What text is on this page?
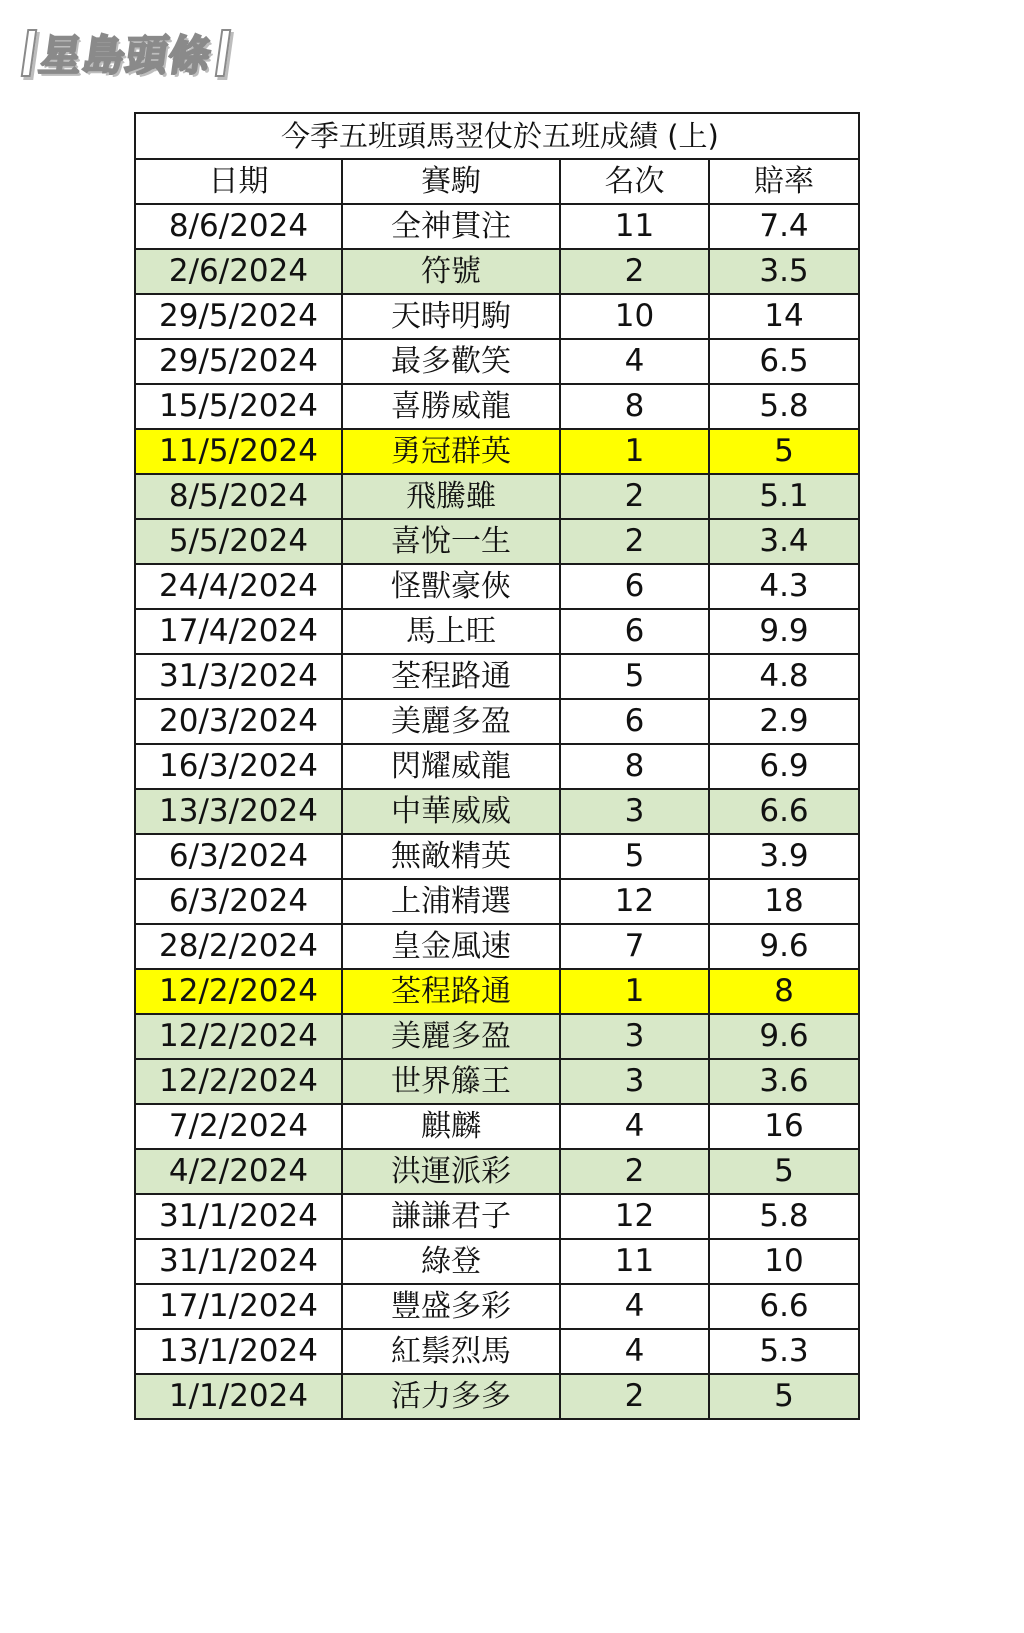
星島頭條
今季五班頭馬翌仗於五班成績 (上)			
日期	賽駒	名次	賠率
8/6/2024	全神貫注	11	7.4
2/6/2024	符號	2	3.5
29/5/2024	天時明駒	10	14
29/5/2024	最多歡笑	4	6.5
15/5/2024	喜勝威龍	8	5.8
11/5/2024	勇冠群英	1	5
8/5/2024	飛騰雖	2	5.1
5/5/2024	喜悅一生	2	3.4
24/4/2024	怪獸豪俠	6	4.3
17/4/2024	馬上旺	6	9.9
31/3/2024	荃程路通	5	4.8
20/3/2024	美麗多盈	6	2.9
16/3/2024	閃耀威龍	8	6.9
13/3/2024	中華威威	3	6.6
6/3/2024	無敵精英	5	3.9
6/3/2024	上浦精選	12	18
28/2/2024	皇金風速	7	9.6
12/2/2024	荃程路通	1	8
12/2/2024	美麗多盈	3	9.6
12/2/2024	世界籐王	3	3.6
7/2/2024	麒麟	4	16
4/2/2024	洪運派彩	2	5
31/1/2024	謙謙君子	12	5.8
31/1/2024	綠登	11	10
17/1/2024	豐盛多彩	4	6.6
13/1/2024	紅鬃烈馬	4	5.3
1/1/2024	活力多多	2	5
